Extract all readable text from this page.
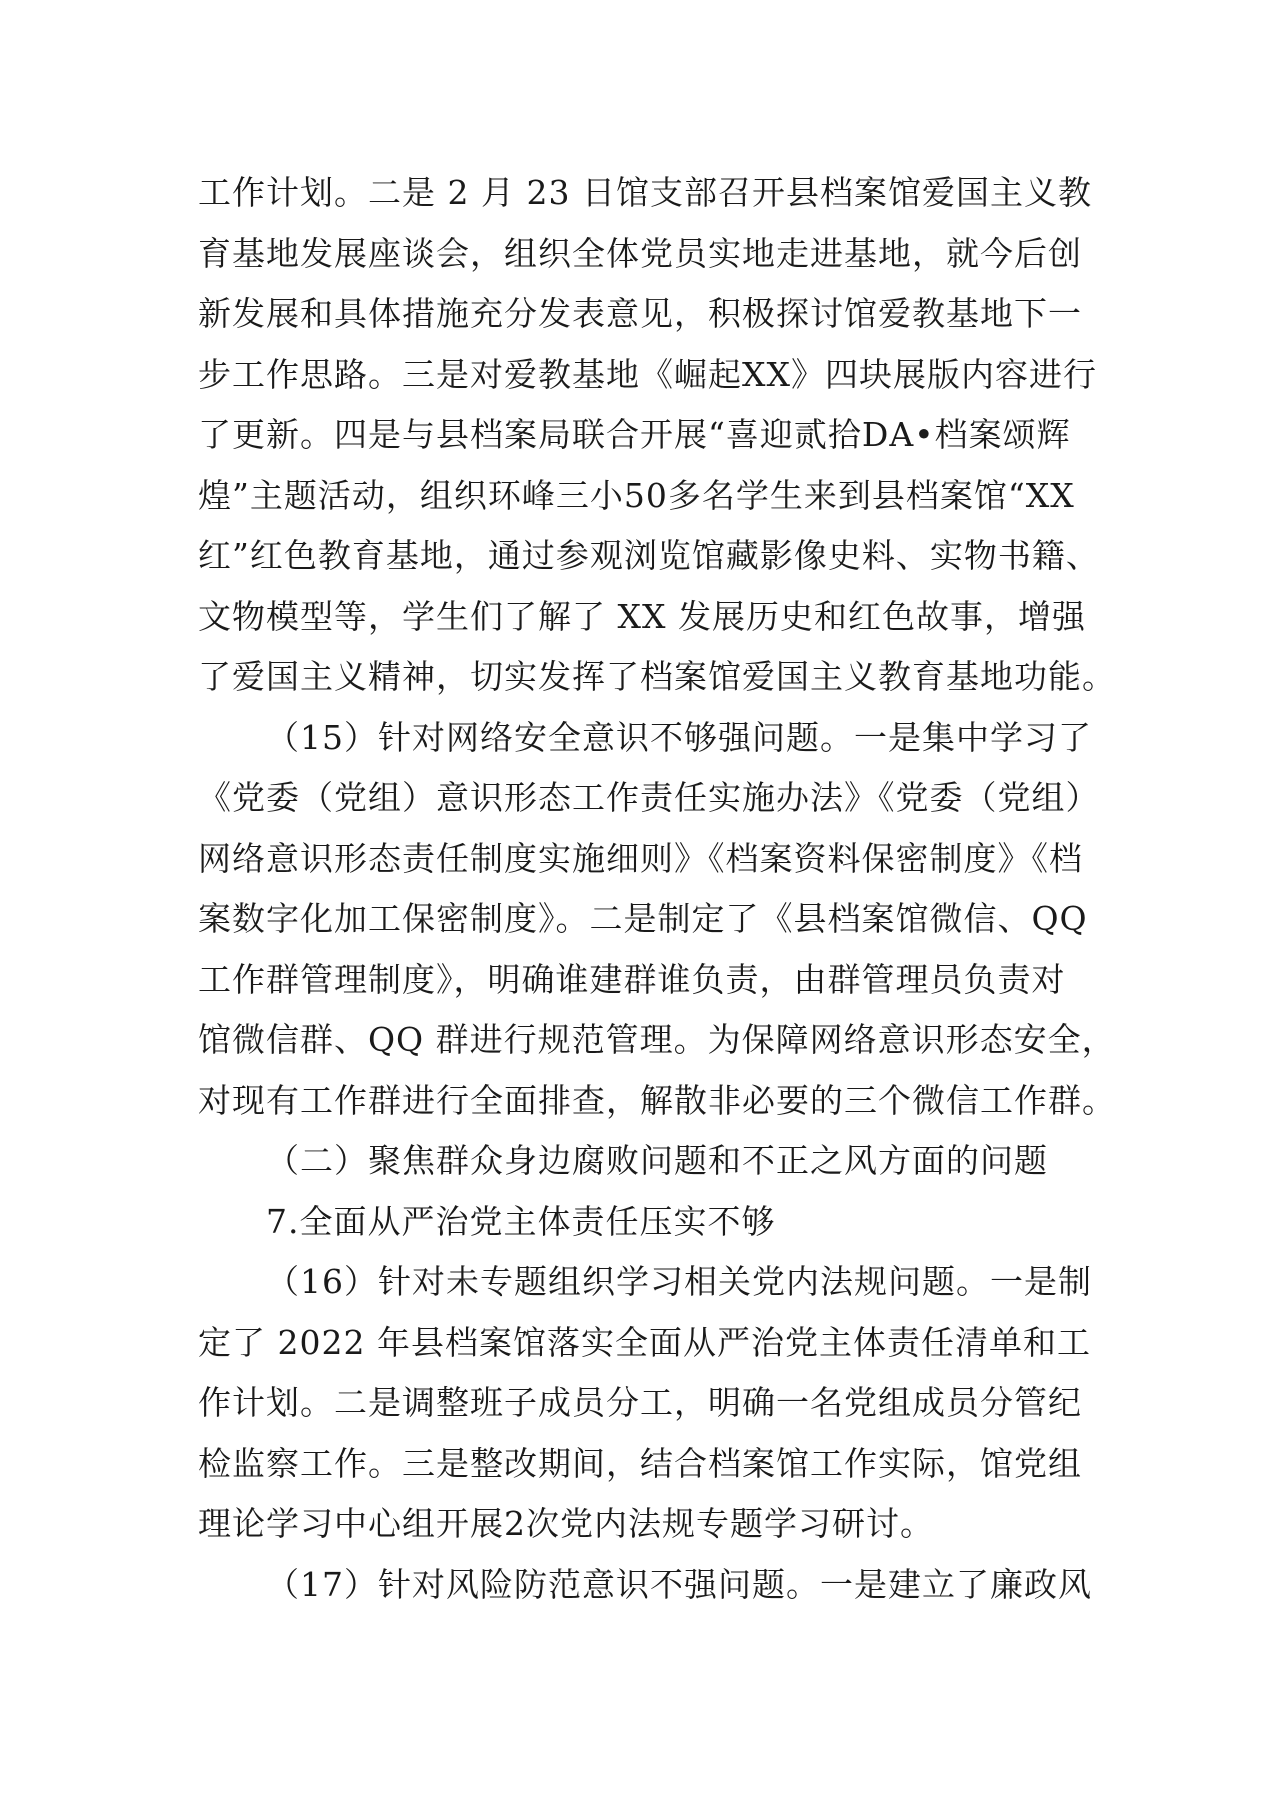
工作计划。二是 2 月 23 日馆支部召开县档案馆爱国主义教
育基地发展座谈会，组织全体党员实地走进基地，就今后创
新发展和具体措施充分发表意见，积极探讨馆爱教基地下一
步工作思路。三是对爱教基地《崛起XX》四块展版内容进行
了更新。四是与县档案局联合开展“喜迎贰拾DA•档案颂辉
煌”主题活动，组织环峰三小50多名学生来到县档案馆“XX
红”红色教育基地，通过参观浏览馆藏影像史料、实物书籍、
文物模型等，学生们了解了 XX 发展历史和红色故事，增强
了爱国主义精神，切实发挥了档案馆爱国主义教育基地功能。
（15）针对网络安全意识不够强问题。一是集中学习了
《党委（党组）意识形态工作责任实施办法》《党委（党组）
网络意识形态责任制度实施细则》《档案资料保密制度》《档
案数字化加工保密制度》。二是制定了《县档案馆微信、QQ
工作群管理制度》，明确谁建群谁负责，由群管理员负责对
馆微信群、QQ 群进行规范管理。为保障网络意识形态安全，
对现有工作群进行全面排查，解散非必要的三个微信工作群。
（二）聚焦群众身边腐败问题和不正之风方面的问题
7.全面从严治党主体责任压实不够
（16）针对未专题组织学习相关党内法规问题。一是制
定了 2022 年县档案馆落实全面从严治党主体责任清单和工
作计划。二是调整班子成员分工，明确一名党组成员分管纪
检监察工作。三是整改期间，结合档案馆工作实际，馆党组
理论学习中心组开展2次党内法规专题学习研讨。
（17）针对风险防范意识不强问题。一是建立了廉政风
